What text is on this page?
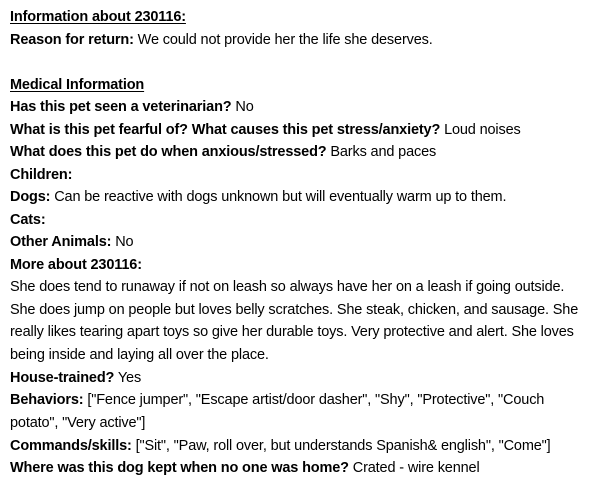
Information about 230116:

Reason for return: We could not provide her the life she deserves.

Medical Information

Has this pet seen a veterinarian? No

What is this pet fearful of? What causes this pet stress/anxiety? Loud noises

What does this pet do when anxious/stressed? Barks and paces

Children:

Dogs: Can be reactive with dogs unknown but will eventually warm up to them.

Cats:

Other Animals: No

More about 230116:

She does tend to runaway if not on leash so always have her on a leash if going outside. She does jump on people but loves belly scratches. She steak, chicken, and sausage. She really likes tearing apart toys so give her durable toys. Very protective and alert. She loves being inside and laying all over the place.

House-trained? Yes

Behaviors: ["Fence jumper", "Escape artist/door dasher", "Shy", "Protective", "Couch potato", "Very active"]

Commands/skills: ["Sit", "Paw, roll over, but understands Spanish& english", "Come"]

Where was this dog kept when no one was home? Crated - wire kennel
